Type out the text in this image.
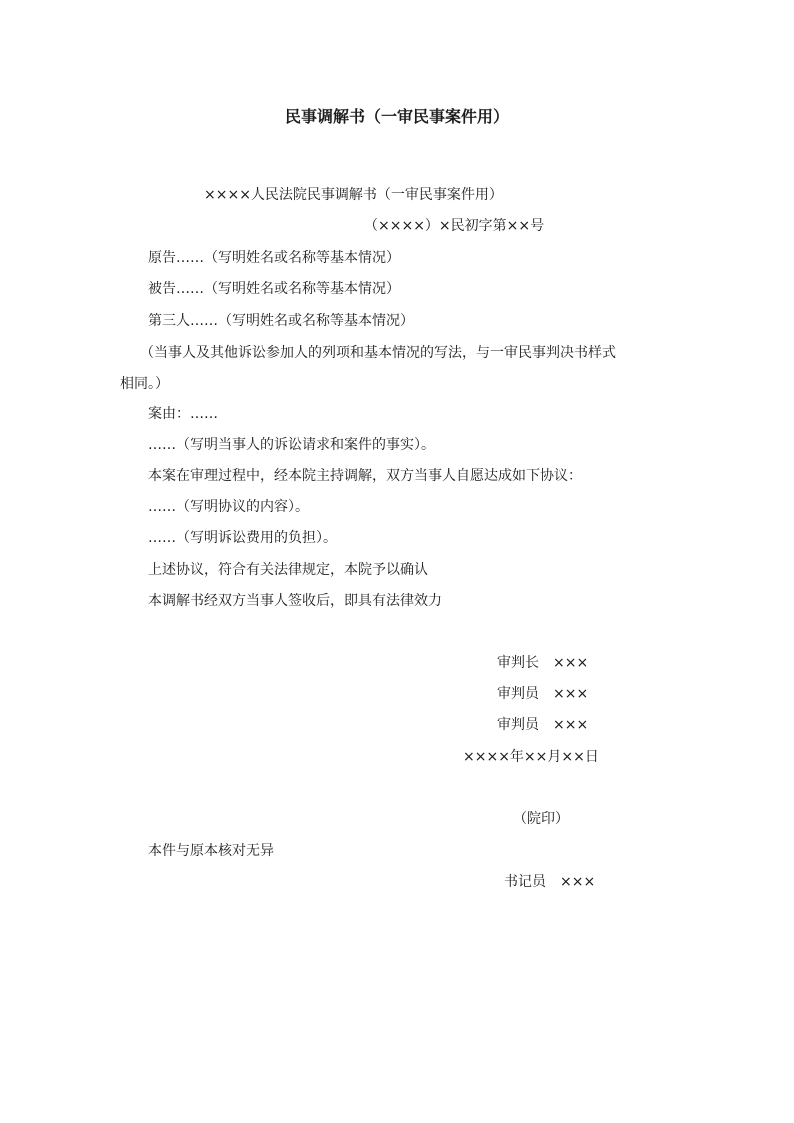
民事调解书（一审民事案件用）
××××人民法院民事调解书（一审民事案件用）
（××××）×民初字第××号
原告……（写明姓名或名称等基本情况）
被告……（写明姓名或名称等基本情况）
第三人……（写明姓名或名称等基本情况）
（当事人及其他诉讼参加人的列项和基本情况的写法，与一审民事判决书样式
相同。）
案由：……
……（写明当事人的诉讼请求和案件的事实）。
本案在审理过程中，经本院主持调解，双方当事人自愿达成如下协议：
……（写明协议的内容）。
……（写明诉讼费用的负担）。
上述协议，符合有关法律规定，本院予以确认
本调解书经双方当事人签收后，即具有法律效力
审判长　×××
审判员　×××
审判员　×××
××××年××月××日
（院印）
本件与原本核对无异
书记员　×××
